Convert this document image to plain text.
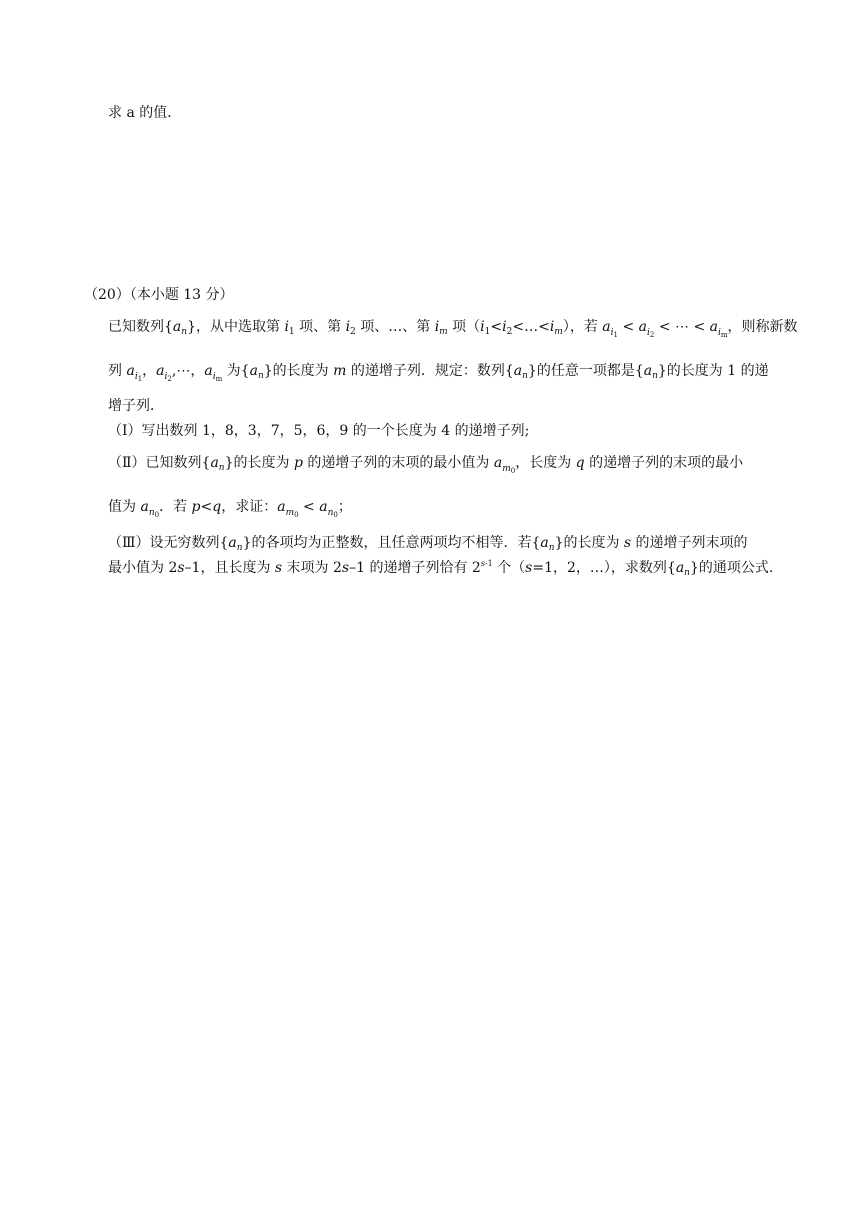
求 a 的值．
（20）（本小题 13 分）
已知数列$\{a_n\}$，从中选取第 $i_1$ 项、第 $i_2$ 项、…、第 $i_m$ 项$(i_1<i_2<\dots<i_m)$，若 $a_{i_1} < a_{i_2}$ < ⋯ < $a_{i_m}$，则称新数
列 $a_{i_1}$，$a_{i_2},\cdots$，$a_{i_m}$ 为$\{a_n\}$的长度为 m 的递增子列．规定：数列$\{a_n\}$的任意一项都是$\{a_n\}$的长度为 1 的递
增子列．
（Ⅰ）写出数列 1，8，3，7，5，6，9 的一个长度为 4 的递增子列;
（Ⅱ）已知数列$\{a_n\}$的长度为 p 的递增子列的末项的最小值为 $a_{m_0}$，长度为 q 的递增子列的末项的最小
值为 $a_{n_0}$．若 p<q，求证：$a_{m_0} < a_{n_0}$；
（Ⅲ）设无穷数列$\{a_n\}$的各项均为正整数，且任意两项均不相等．若$\{a_n\}$的长度为 s 的递增子列末项的
最小值为 2s–1，且长度为 s 末项为 2s–1 的递增子列恰有 2$^{s-1}$ 个（s=1，2，…），求数列$\{a_n\}$的通项公式.
